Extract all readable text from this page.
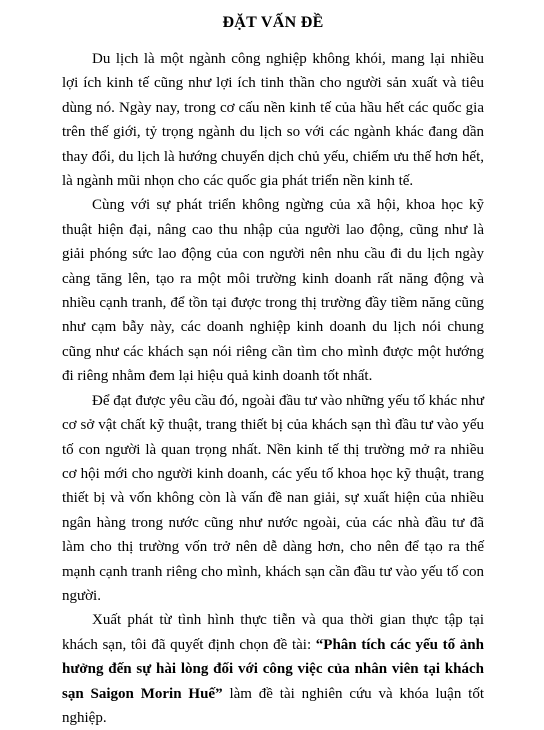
ĐẶT VẤN ĐỀ

Du lịch là một ngành công nghiệp không khói, mang lại nhiều lợi ích kinh tế cũng như lợi ích tinh thần cho người sản xuất và tiêu dùng nó. Ngày nay, trong cơ cấu nền kinh tế của hầu hết các quốc gia trên thế giới, tỷ trọng ngành du lịch so với các ngành khác đang dần thay đổi, du lịch là hướng chuyển dịch chủ yếu, chiếm ưu thế hơn hết, là ngành mũi nhọn cho các quốc gia phát triển nền kinh tế.

Cùng với sự phát triển không ngừng của xã hội, khoa học kỹ thuật hiện đại, nâng cao thu nhập của người lao động, cũng như là giải phóng sức lao động của con người nên nhu cầu đi du lịch ngày càng tăng lên, tạo ra một môi trường kinh doanh rất năng động và nhiều cạnh tranh, để tồn tại được trong thị trường đầy tiềm năng cũng như cạm bẫy này, các doanh nghiệp kinh doanh du lịch nói chung cũng như các khách sạn nói riêng cần tìm cho mình được một hướng đi riêng nhằm đem lại hiệu quả kinh doanh tốt nhất.

Để đạt được yêu cầu đó, ngoài đầu tư vào những yếu tố khác như cơ sở vật chất kỹ thuật, trang thiết bị của khách sạn thì đầu tư vào yếu tố con người là quan trọng nhất. Nền kinh tế thị trường mở ra nhiều cơ hội mới cho người kinh doanh, các yếu tố khoa học kỹ thuật, trang thiết bị và vốn không còn là vấn đề nan giải, sự xuất hiện của nhiều ngân hàng trong nước cũng như nước ngoài, của các nhà đầu tư đã làm cho thị trường vốn trở nên dễ dàng hơn, cho nên để tạo ra thế mạnh cạnh tranh riêng cho mình, khách sạn cần đầu tư vào yếu tố con người.

Xuất phát từ tình hình thực tiễn và qua thời gian thực tập tại khách sạn, tôi đã quyết định chọn đề tài: “Phân tích các yếu tố ảnh hưởng đến sự hài lòng đối với công việc của nhân viên tại khách sạn Saigon Morin Huế” làm đề tài nghiên cứu và khóa luận tốt nghiệp.
